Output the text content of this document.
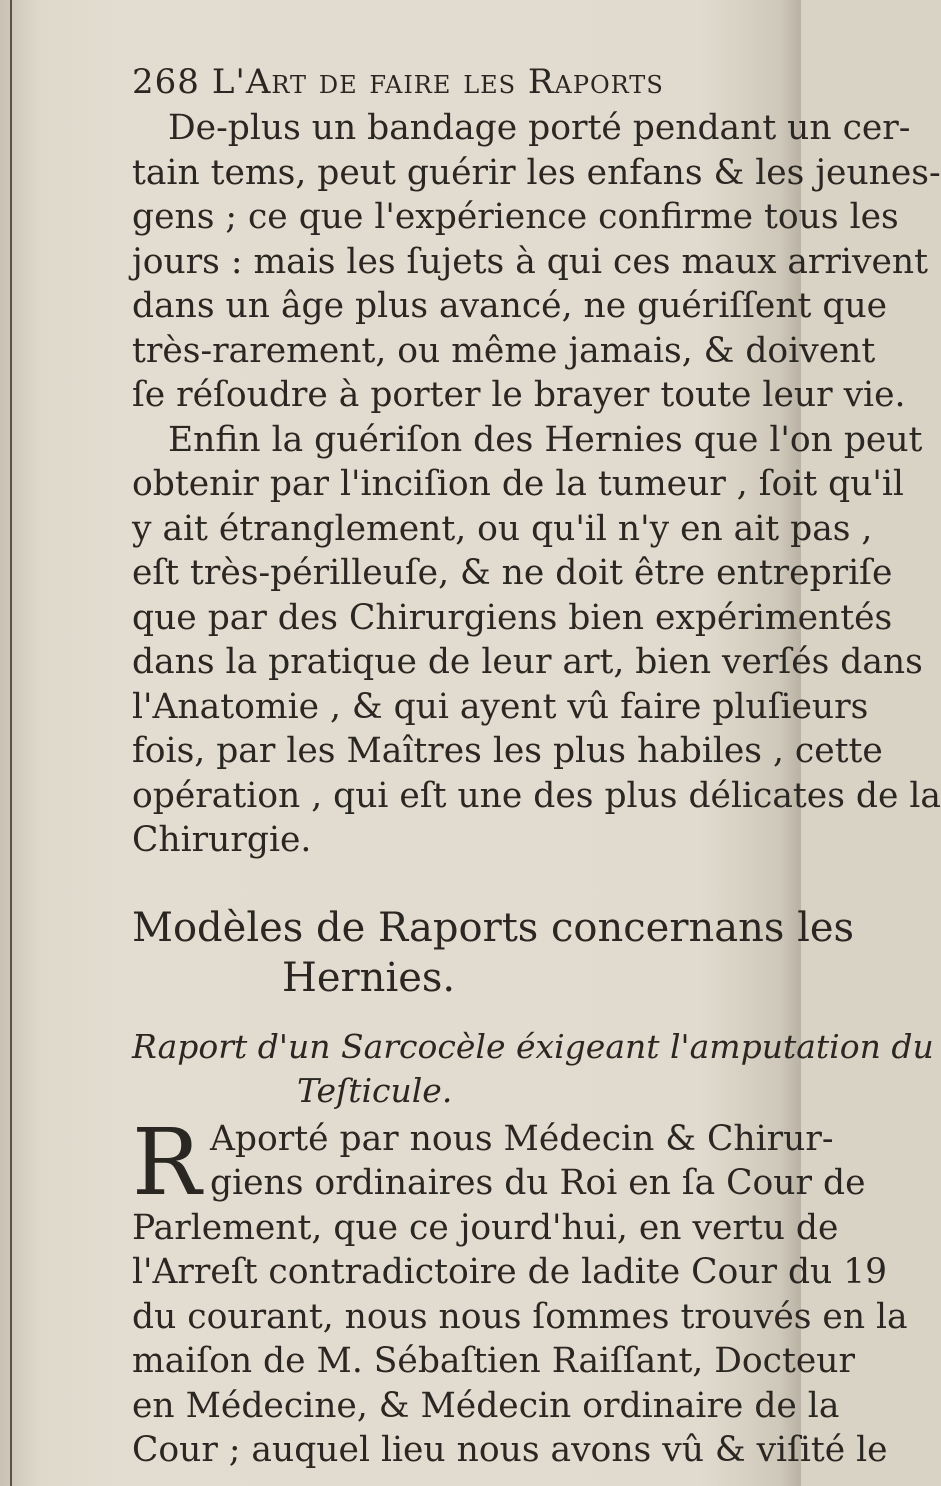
268 L'Art de faire les Raports

De-plus un bandage porté pendant un cer-

tain tems, peut guérir les enfans & les jeunes-

gens ; ce que l'expérience confirme tous les

jours : mais les ſujets à qui ces maux arrivent

dans un âge plus avancé, ne guériſſent que

très-rarement, ou même jamais, & doivent

ſe réſoudre à porter le brayer toute leur vie.

Enfin la guériſon des Hernies que l'on peut

obtenir par l'inciſion de la tumeur , ſoit qu'il

y ait étranglement, ou qu'il n'y en ait pas ,

eſt très-périlleuſe, & ne doit être entrepriſe

que par des Chirurgiens bien expérimentés

dans la pratique de leur art, bien verſés dans

l'Anatomie , & qui ayent vû faire pluſieurs

fois, par les Maîtres les plus habiles , cette

opération , qui eſt une des plus délicates de la

Chirurgie.

Modèles de Raports concernans les

Hernies.

Raport d'un Sarcocèle éxigeant l'amputation du

Teſticule.

R Aporté par nous Médecin & Chirur-

giens ordinaires du Roi en ſa Cour de

Parlement, que ce jourd'hui, en vertu de

l'Arreſt contradictoire de ladite Cour du 19

du courant, nous nous ſommes trouvés en la

maiſon de M. Sébaſtien Raiſſant, Docteur

en Médecine, & Médecin ordinaire de la

Cour ; auquel lieu nous avons vû & viſité le
